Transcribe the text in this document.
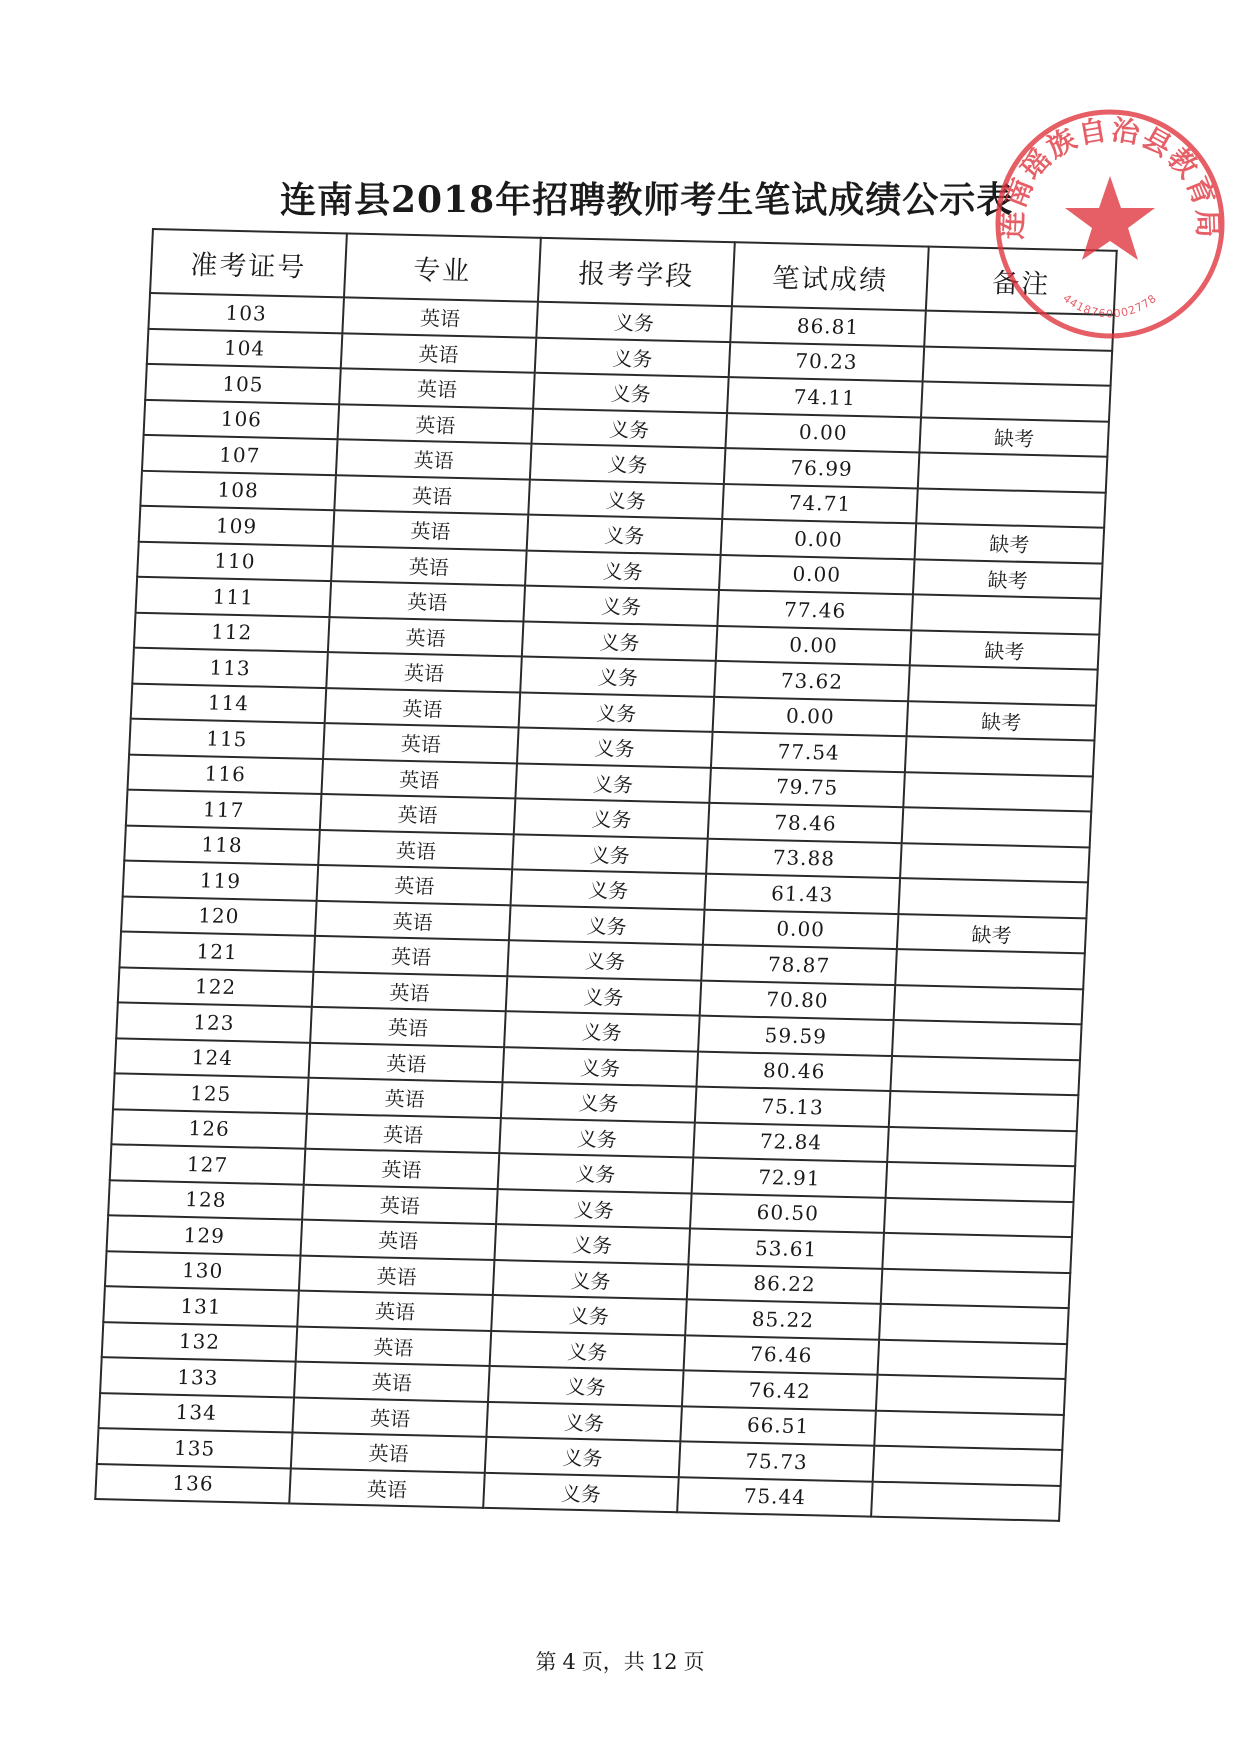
连南县2018年招聘教师考生笔试成绩公示表
准考证号	专业	报考学段	笔试成绩	备注
103	英语	义务	86.81	
104	英语	义务	70.23	
105	英语	义务	74.11	
106	英语	义务	0.00	缺考
107	英语	义务	76.99	
108	英语	义务	74.71	
109	英语	义务	0.00	缺考
110	英语	义务	0.00	缺考
111	英语	义务	77.46	
112	英语	义务	0.00	缺考
113	英语	义务	73.62	
114	英语	义务	0.00	缺考
115	英语	义务	77.54	
116	英语	义务	79.75	
117	英语	义务	78.46	
118	英语	义务	73.88	
119	英语	义务	61.43	
120	英语	义务	0.00	缺考
121	英语	义务	78.87	
122	英语	义务	70.80	
123	英语	义务	59.59	
124	英语	义务	80.46	
125	英语	义务	75.13	
126	英语	义务	72.84	
127	英语	义务	72.91	
128	英语	义务	60.50	
129	英语	义务	53.61	
130	英语	义务	86.22	
131	英语	义务	85.22	
132	英语	义务	76.46	
133	英语	义务	76.42	
134	英语	义务	66.51	
135	英语	义务	75.73	
136	英语	义务	75.44	
连南瑶族自治县教育局
4418760002778
第 4 页，共 12 页
